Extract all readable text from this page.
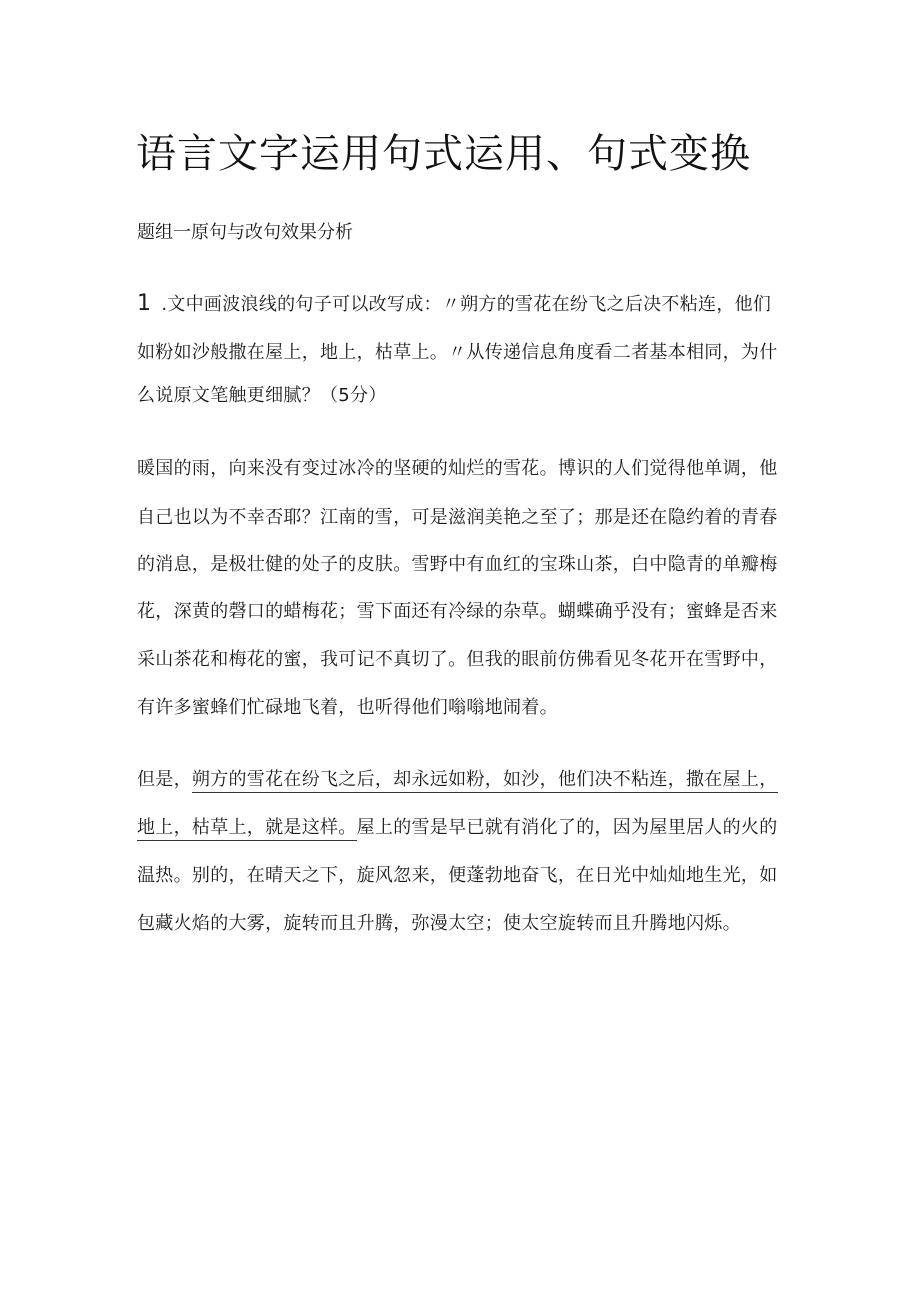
语言文字运用句式运用、句式变换
题组一原句与改句效果分析
1 .文中画波浪线的句子可以改写成：〃朔方的雪花在纷飞之后决不粘连，他们
如粉如沙般撒在屋上，地上，枯草上。〃从传递信息角度看二者基本相同，为什
么说原文笔触更细腻？（5分）
暖国的雨，向来没有变过冰冷的坚硬的灿烂的雪花。博识的人们觉得他单调，他
自己也以为不幸否耶？江南的雪，可是滋润美艳之至了；那是还在隐约着的青春
的消息，是极壮健的处子的皮肤。雪野中有血红的宝珠山茶，白中隐青的单瓣梅
花，深黄的磬口的蜡梅花；雪下面还有冷绿的杂草。蝴蝶确乎没有；蜜蜂是否来
采山茶花和梅花的蜜，我可记不真切了。但我的眼前仿佛看见冬花开在雪野中，
有许多蜜蜂们忙碌地飞着，也听得他们嗡嗡地闹着。
但是，朔方的雪花在纷飞之后，却永远如粉，如沙，他们决不粘连，撒在屋上，
地上，枯草上，就是这样。屋上的雪是早已就有消化了的，因为屋里居人的火的
温热。别的，在晴天之下，旋风忽来，便蓬勃地奋飞，在日光中灿灿地生光，如
包藏火焰的大雾，旋转而且升腾，弥漫太空；使太空旋转而且升腾地闪烁。
